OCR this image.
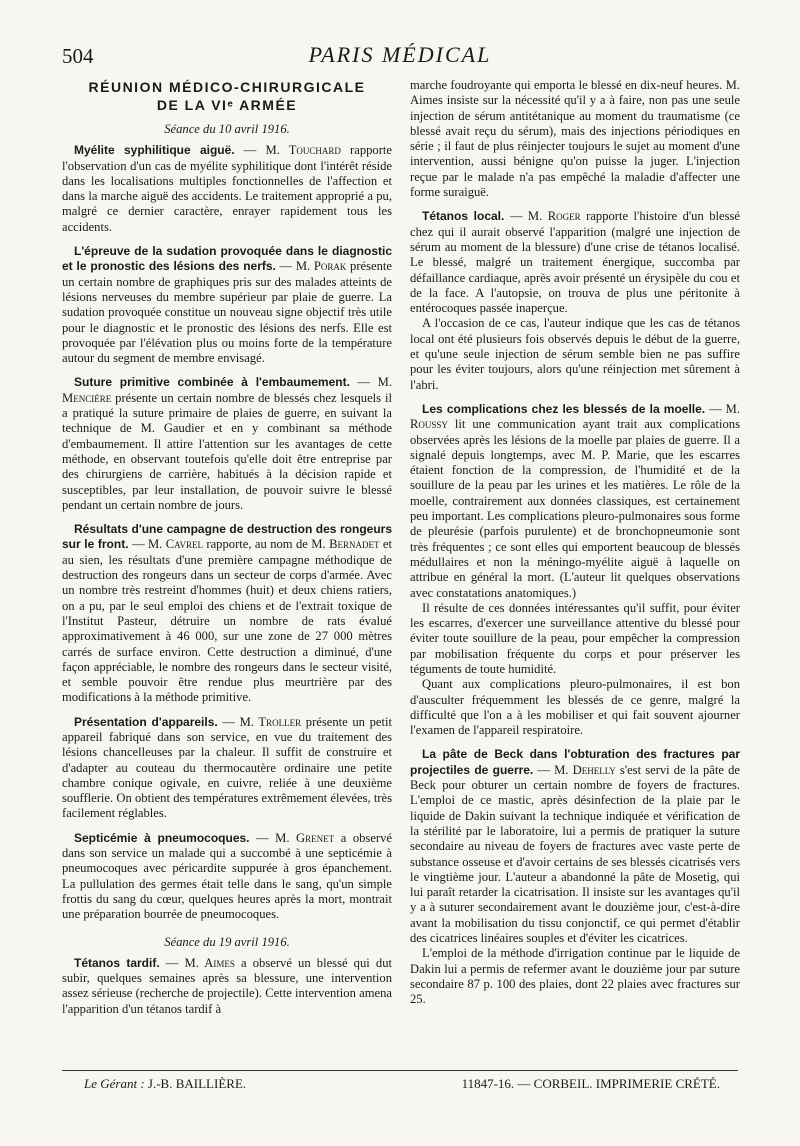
504	PARIS MÉDICAL
RÉUNION MÉDICO-CHIRURGICALE
DE LA VIᵉ ARMÉE
Séance du 10 avril 1916.

Myélite syphilitique aiguë. — M. Touchard rapporte l'observation d'un cas de myélite syphilitique dont l'intérêt réside dans les localisations multiples fonctionnelles de l'affection et dans la marche aiguë des accidents. Le traitement approprié a pu, malgré ce dernier caractère, enrayer rapidement tous les accidents.

L'épreuve de la sudation provoquée dans le diagnostic et le pronostic des lésions des nerfs. — M. Porak présente un certain nombre de graphiques pris sur des malades atteints de lésions nerveuses du membre supérieur par plaie de guerre. La sudation provoquée constitue un nouveau signe objectif très utile pour le diagnostic et le pronostic des lésions des nerfs. Elle est provoquée par l'élévation plus ou moins forte de la température autour du segment de membre envisagé.

Suture primitive combinée à l'embaumement. — M. Mencière présente un certain nombre de blessés chez lesquels il a pratiqué la suture primaire de plaies de guerre, en suivant la technique de M. Gaudier et en y combinant sa méthode d'embaumement. Il attire l'attention sur les avantages de cette méthode, en observant toutefois qu'elle doit être entreprise par des chirurgiens de carrière, habitués à la décision rapide et susceptibles, par leur installation, de pouvoir suivre le blessé pendant un certain nombre de jours.

Résultats d'une campagne de destruction des rongeurs sur le front. — M. Cavrel rapporte, au nom de M. Bernadet et au sien, les résultats d'une première campagne méthodique de destruction des rongeurs dans un secteur de corps d'armée. Avec un nombre très restreint d'hommes (huit) et deux chiens ratiers, on a pu, par le seul emploi des chiens et de l'extrait toxique de l'Institut Pasteur, détruire un nombre de rats évalué approximativement à 46 000, sur une zone de 27 000 mètres carrés de surface environ. Cette destruction a diminué, d'une façon appréciable, le nombre des rongeurs dans le secteur visité, et semble pouvoir être rendue plus meurtrière par des modifications à la méthode primitive.

Présentation d'appareils. — M. Troller présente un petit appareil fabriqué dans son service, en vue du traitement des lésions chancelleuses par la chaleur. Il suffit de construire et d'adapter au couteau du thermocautère ordinaire une petite chambre conique ogivale, en cuivre, reliée à une deuxième soufflerie. On obtient des températures extrêmement élevées, très facilement réglables.

Septicémie à pneumocoques. — M. Grenet a observé dans son service un malade qui a succombé à une septicémie à pneumocoques avec péricardite suppurée à gros épanchement. La pullulation des germes était telle dans le sang, qu'un simple frottis du sang du cœur, quelques heures après la mort, montrait une préparation bourrée de pneumocoques.

Séance du 19 avril 1916.

Tétanos tardif. — M. Aimes a observé un blessé qui dut subir, quelques semaines après sa blessure, une intervention assez sérieuse (recherche de projectile). Cette intervention amena l'apparition d'un tétanos tardif à

marche foudroyante qui emporta le blessé en dix-neuf heures. M. Aimes insiste sur la nécessité qu'il y a à faire, non pas une seule injection de sérum antitétanique au moment du traumatisme (ce blessé avait reçu du sérum), mais des injections périodiques en série ; il faut de plus réinjecter toujours le sujet au moment d'une intervention, aussi bénigne qu'on puisse la juger. L'injection reçue par le malade n'a pas empêché la maladie d'affecter une forme suraiguë.

Tétanos local. — M. Roger rapporte l'histoire d'un blessé chez qui il aurait observé l'apparition (malgré une injection de sérum au moment de la blessure) d'une crise de tétanos localisé. Le blessé, malgré un traitement énergique, succomba par défaillance cardiaque, après avoir présenté un érysipèle du cou et de la face. A l'autopsie, on trouva de plus une péritonite à entérocoques passée inaperçue.

A l'occasion de ce cas, l'auteur indique que les cas de tétanos local ont été plusieurs fois observés depuis le début de la guerre, et qu'une seule injection de sérum semble bien ne pas suffire pour les éviter toujours, alors qu'une réinjection met sûrement à l'abri.

Les complications chez les blessés de la moelle. — M. Roussy lit une communication ayant trait aux complications observées après les lésions de la moelle par plaies de guerre. Il a signalé depuis longtemps, avec M. P. Marie, que les escarres étaient fonction de la compression, de l'humidité et de la souillure de la peau par les urines et les matières. Le rôle de la moelle, contrairement aux données classiques, est certainement peu important. Les complications pleuro-pulmonaires sous forme de pleurésie (parfois purulente) et de bronchopneumonie sont très fréquentes ; ce sont elles qui emportent beaucoup de blessés médullaires et non la méningo-myélite aiguë à laquelle on attribue en général la mort. (L'auteur lit quelques observations avec constatations anatomiques.)

Il résulte de ces données intéressantes qu'il suffit, pour éviter les escarres, d'exercer une surveillance attentive du blessé pour éviter toute souillure de la peau, pour empêcher la compression par mobilisation fréquente du corps et pour préserver les téguments de toute humidité.

Quant aux complications pleuro-pulmonaires, il est bon d'ausculter fréquemment les blessés de ce genre, malgré la difficulté que l'on a à les mobiliser et qui fait souvent ajourner l'examen de l'appareil respiratoire.

La pâte de Beck dans l'obturation des fractures par projectiles de guerre. — M. Dehelly s'est servi de la pâte de Beck pour obturer un certain nombre de foyers de fractures. L'emploi de ce mastic, après désinfection de la plaie par le liquide de Dakin suivant la technique indiquée et vérification de la stérilité par le laboratoire, lui a permis de pratiquer la suture secondaire au niveau de foyers de fractures avec vaste perte de substance osseuse et d'avoir certains de ses blessés cicatrisés vers le vingtième jour. L'auteur a abandonné la pâte de Mosetig, qui lui paraît retarder la cicatrisation. Il insiste sur les avantages qu'il y a à suturer secondairement avant le douzième jour, c'est-à-dire avant la mobilisation du tissu conjonctif, ce qui permet d'établir des cicatrices linéaires souples et d'éviter les cicatrices.

L'emploi de la méthode d'irrigation continue par le liquide de Dakin lui a permis de refermer avant le douzième jour par suture secondaire 87 p. 100 des plaies, dont 22 plaies avec fractures sur 25.

Le Gérant : J.-B. BAILLIÈRE.	11847-16. — CORBEIL. IMPRIMERIE CRÉTÉ.
